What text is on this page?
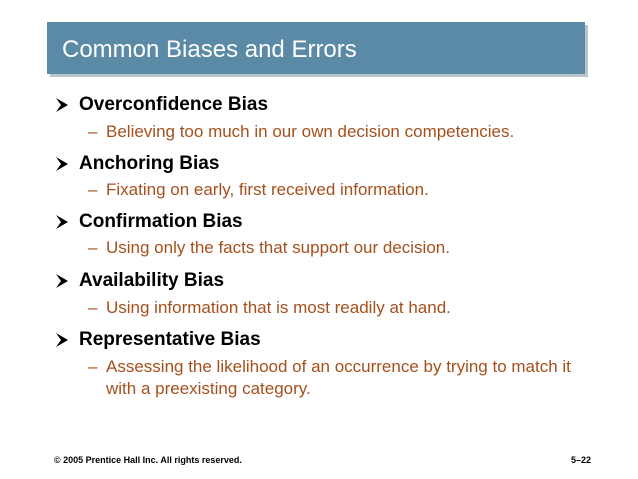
Common Biases and Errors
Overconfidence Bias
– Believing too much in our own decision competencies.
Anchoring Bias
– Fixating on early, first received information.
Confirmation Bias
– Using only the facts that support our decision.
Availability Bias
– Using information that is most readily at hand.
Representative Bias
– Assessing the likelihood of an occurrence by trying to match it with a preexisting category.
© 2005 Prentice Hall Inc. All rights reserved.	5–22
